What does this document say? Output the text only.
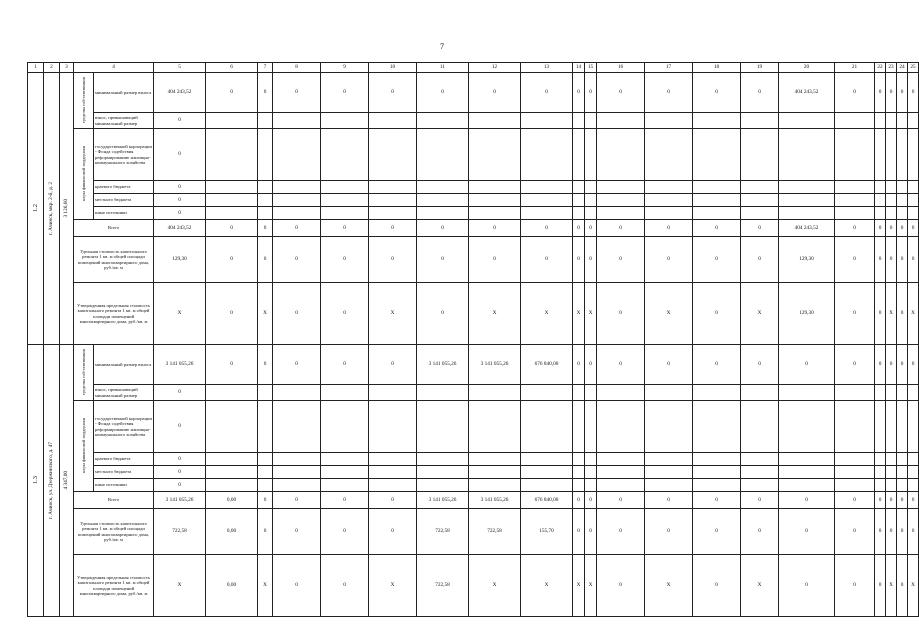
7
1	2	3	4		5	6	7	8	9	10	11	12	13	14	15	16	17	18	19	20	21	22	23	24	25

1.2	г. Ачинск, мкр. 2-й, д. 2	3 126,60	средства соб-ственников	минимальный размер взноса	404 243,52	0	0	0	0	0	0	0	0	0	0	0	0	0	0	404 243,52	0	0	0	0	0
				взнос, превышающий минимальный размер	0																				

			меры финансовой поддержки	государственной корпорации - Фонда содействия реформированию жилищно-коммунального хозяйства	0																				
				краевого бюджета	0																				
				местного бюджета	0																				
				иные источники	0																				
			Всего		404 243,52	0	0	0	0	0	0	0	0	0	0	0	0	0	0	404 243,52	0	0	0	0	0
			Удельная стоимость капитального ремонта 1 кв. м общей площади помещений многоквартирного дома, руб./кв. м		129,30	0	0	0	0	0	0	0	0	0	0	0	0	0	0	129,30	0	0	0	0	0
			Утвержденная предельная стоимость капитального ремонта 1 кв. м общей площади помещений многоквартирного дома, руб./кв. м		X	0	X	0	0	X	0	X	X	X	X	0	X	0	X	129,30	0	0	X	0	X

1.3	г. Ачинск, ул. Дзержинского, д. 47	4 347,00	средства соб-ственников	минимальный размер взноса	3 141 055,26	0	0	0	0	0	3 141 055,26	3 141 055,26	676 840,00	0	0	0	0	0	0	0	0	0	0	0	0
				взнос, превышающий минимальный размер	0																				

			меры финансовой поддержки	государственной корпорации - Фонда содействия реформированию жилищно-коммунального хозяйства	0																				
				краевого бюджета	0																				
				местного бюджета	0																				
				иные источники	0																				
			Всего		3 141 055,26	0,00	0	0	0	0	3 141 055,26	3 141 055,26	676 840,00	0	0	0	0	0	0	0	0	0	0	0	0
			Удельная стоимость капитального ремонта 1 кв. м общей площади помещений многоквартирного дома, руб./кв. м		722,58	0,00	0	0	0	0	722,58	722,58	155,70	0	0	0	0	0	0	0	0	0	0	0	0
			Утвержденная предельная стоимость капитального ремонта 1 кв. м общей площади помещений многоквартирного дома, руб./кв. м		X	0,00	X	0	0	X	722,58	X	X	X	X	0	X	0	X	0	0	0	X	0	X
